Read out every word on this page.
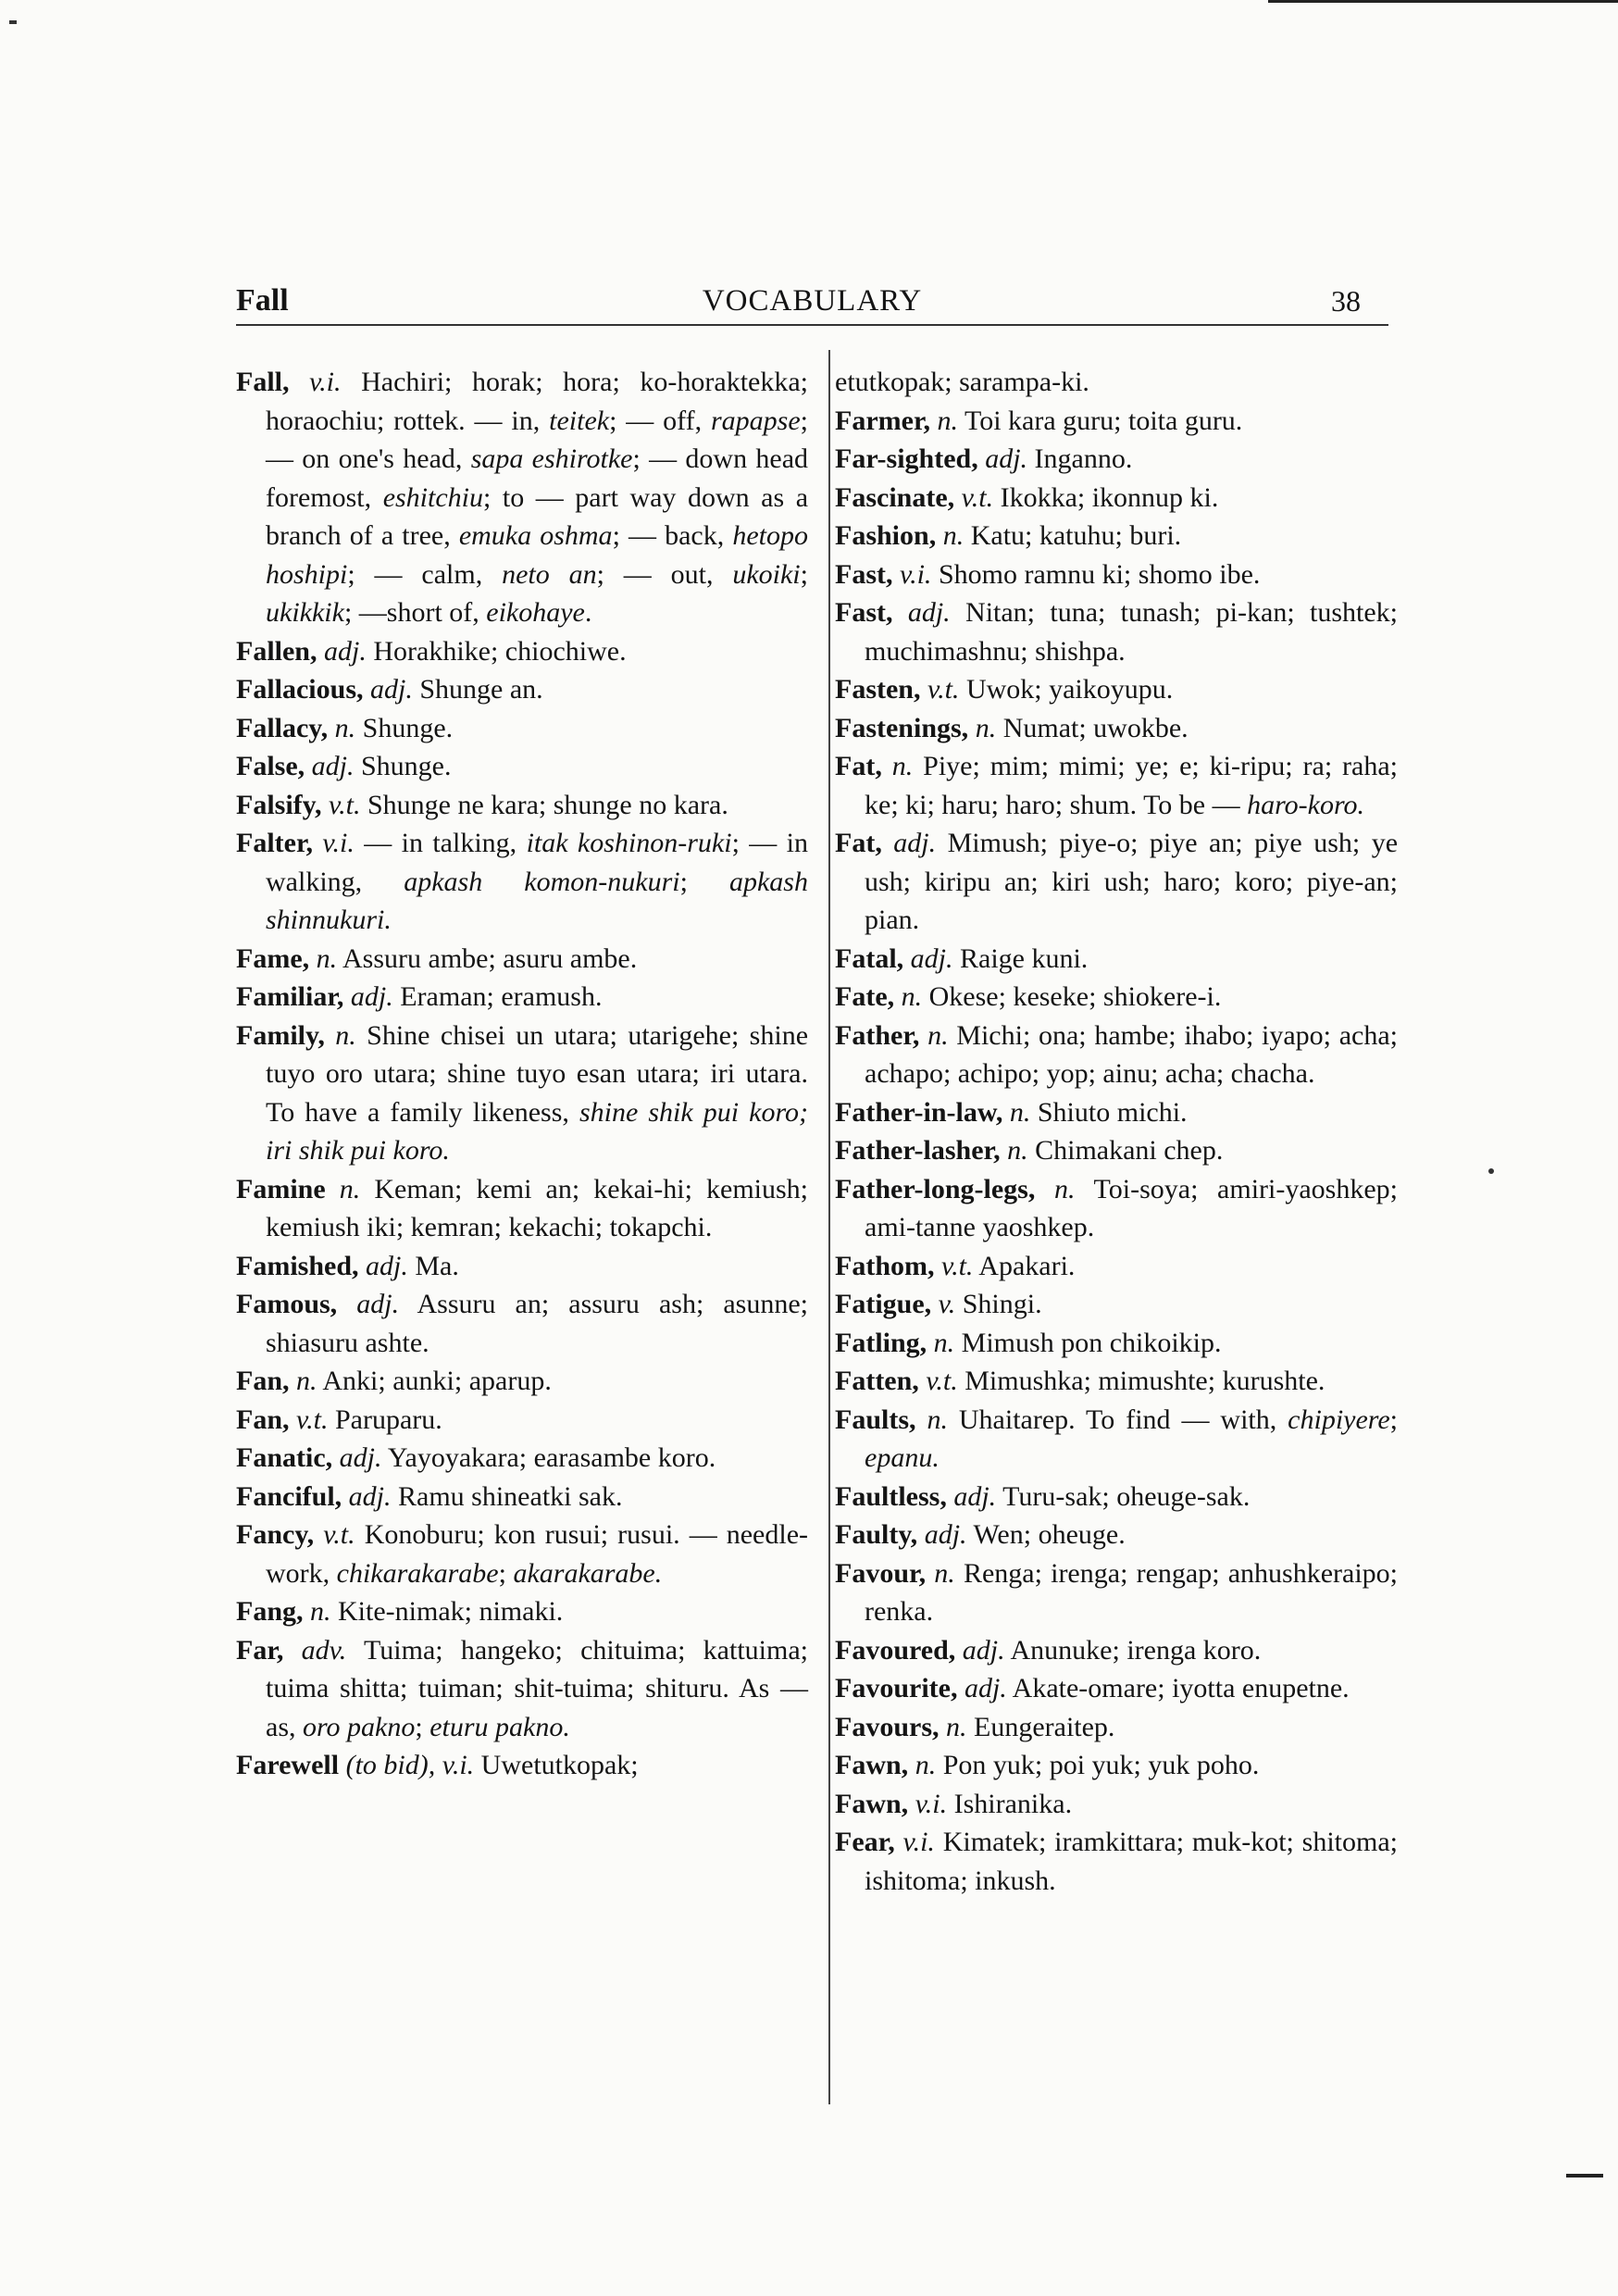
Fall	VOCABULARY	38

Fall, v.i. Hachiri; horak; hora; ko-horaktekka; horaochiu; rottek. — in, teitek; — off, rapapse; — on one's head, sapa eshirotke; — down head foremost, eshitchiu; to — part way down as a branch of a tree, emuka oshma; — back, hetopo hoshipi; — calm, neto an; — out, ukoiki; ukikkik; —short of, eikohaye.

Fallen, adj. Horakhike; chiochiwe.

Fallacious, adj. Shunge an.

Fallacy, n. Shunge.

False, adj. Shunge.

Falsify, v.t. Shunge ne kara; shunge no kara.

Falter, v.i. — in talking, itak koshinon-ruki; — in walking, apkash komon-nukuri; apkash shinnukuri.

Fame, n. Assuru ambe; asuru ambe.

Familiar, adj. Eraman; eramush.

Family, n. Shine chisei un utara; utarigehe; shine tuyo oro utara; shine tuyo esan utara; iri utara. To have a family likeness, shine shik pui koro; iri shik pui koro.

Famine n. Keman; kemi an; kekai-hi; kemiush; kemiush iki; kemran; kekachi; tokapchi.

Famished, adj. Ma.

Famous, adj. Assuru an; assuru ash; asunne; shiasuru ashte.

Fan, n. Anki; aunki; aparup.

Fan, v.t. Paruparu.

Fanatic, adj. Yayoyakara; earasambe koro.

Fanciful, adj. Ramu shineatki sak.

Fancy, v.t. Konoburu; kon rusui; rusui. — needle-work, chikarakarabe; akarakarabe.

Fang, n. Kite-nimak; nimaki.

Far, adv. Tuima; hangeko; chituima; kattuima; tuima shitta; tuiman; shit-tuima; shituru. As — as, oro pakno; eturu pakno.

Farewell (to bid), v.i. Uwetutkopak;

etutkopak; sarampa-ki.

Farmer, n. Toi kara guru; toita guru.

Far-sighted, adj. Inganno.

Fascinate, v.t. Ikokka; ikonnup ki.

Fashion, n. Katu; katuhu; buri.

Fast, v.i. Shomo ramnu ki; shomo ibe.

Fast, adj. Nitan; tuna; tunash; pi-kan; tushtek; muchimashnu; shishpa.

Fasten, v.t. Uwok; yaikoyupu.

Fastenings, n. Numat; uwokbe.

Fat, n. Piye; mim; mimi; ye; e; ki-ripu; ra; raha; ke; ki; haru; haro; shum. To be — haro-koro.

Fat, adj. Mimush; piye-o; piye an; piye ush; ye ush; kiripu an; kiri ush; haro; koro; piye-an; pian.

Fatal, adj. Raige kuni.

Fate, n. Okese; keseke; shiokere-i.

Father, n. Michi; ona; hambe; ihabo; iyapo; acha; achapo; achipo; yop; ainu; acha; chacha.

Father-in-law, n. Shiuto michi.

Father-lasher, n. Chimakani chep.

Father-long-legs, n. Toi-soya; amiri-yaoshkep; ami-tanne yaoshkep.

Fathom, v.t. Apakari.

Fatigue, v. Shingi.

Fatling, n. Mimush pon chikoikip.

Fatten, v.t. Mimushka; mimushte; kurushte.

Faults, n. Uhaitarep. To find — with, chipiyere; epanu.

Faultless, adj. Turu-sak; oheuge-sak.

Faulty, adj. Wen; oheuge.

Favour, n. Renga; irenga; rengap; anhushkeraipo; renka.

Favoured, adj. Anunuke; irenga koro.

Favourite, adj. Akate-omare; iyotta enupetne.

Favours, n. Eungeraitep.

Fawn, n. Pon yuk; poi yuk; yuk poho.

Fawn, v.i. Ishiranika.

Fear, v.i. Kimatek; iramkittara; muk-kot; shitoma; ishitoma; inkush.
